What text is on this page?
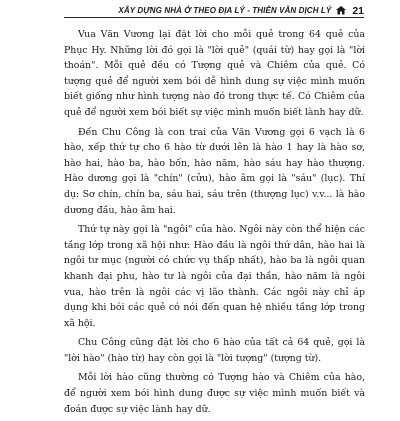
XÂY DỰNG NHÀ Ở THEO ĐỊA LÝ - THIÊN VĂN DỊCH LÝ 21

Vua Văn Vương lại đặt lời cho mỗi quẻ trong 64 quẻ của Phục Hy. Những lời đó gọi là "lời quẻ" (quái từ) hay gọi là "lời thoán". Mỗi quẻ đều có Tượng quẻ và Chiêm của quẻ. Có tượng quẻ để người xem bói dễ hình dung sự việc mình muốn biết giống như hình tượng nào đó trong thực tế. Có Chiêm của quẻ để người xem bói biết sự việc mình muốn biết lành hay dữ.

Đến Chu Công là con trai của Văn Vương gọi 6 vạch là 6 hào, xếp thứ tự cho 6 hào từ dưới lên là hào 1 hay là hào sơ, hào hai, hào ba, hào bốn, hào năm, hào sáu hay hào thượng. Hào dương gọi là "chín" (cửu), hào âm gọi là "sáu" (lục). Thí dụ: Sơ chín, chín ba, sáu hai, sáu trên (thượng lục) v.v... là hào dương đầu, hào âm hai.

Thứ tự này gọi là "ngôi" của hào. Ngôi này còn thể hiện các tầng lớp trong xã hội như: Hào đầu là ngôi thứ dân, hào hai là ngôi tư mục (người có chức vụ thấp nhất), hào ba là ngôi quan khanh đại phu, hào tư là ngôi của đại thần, hào năm là ngôi vua, hào trên là ngôi các vị lão thành. Các ngôi này chỉ áp dụng khi bói các quẻ có nói đến quan hệ nhiều tầng lớp trong xã hội.

Chu Công cũng đặt lời cho 6 hào của tất cả 64 quẻ, gọi là "lời hào" (hào từ) hay còn gọi là "lời tượng" (tượng từ).

Mỗi lời hào cũng thường có Tượng hào và Chiêm của hào, để người xem bói hình dung được sự việc mình muốn biết và đoán được sự việc lành hay dữ.
